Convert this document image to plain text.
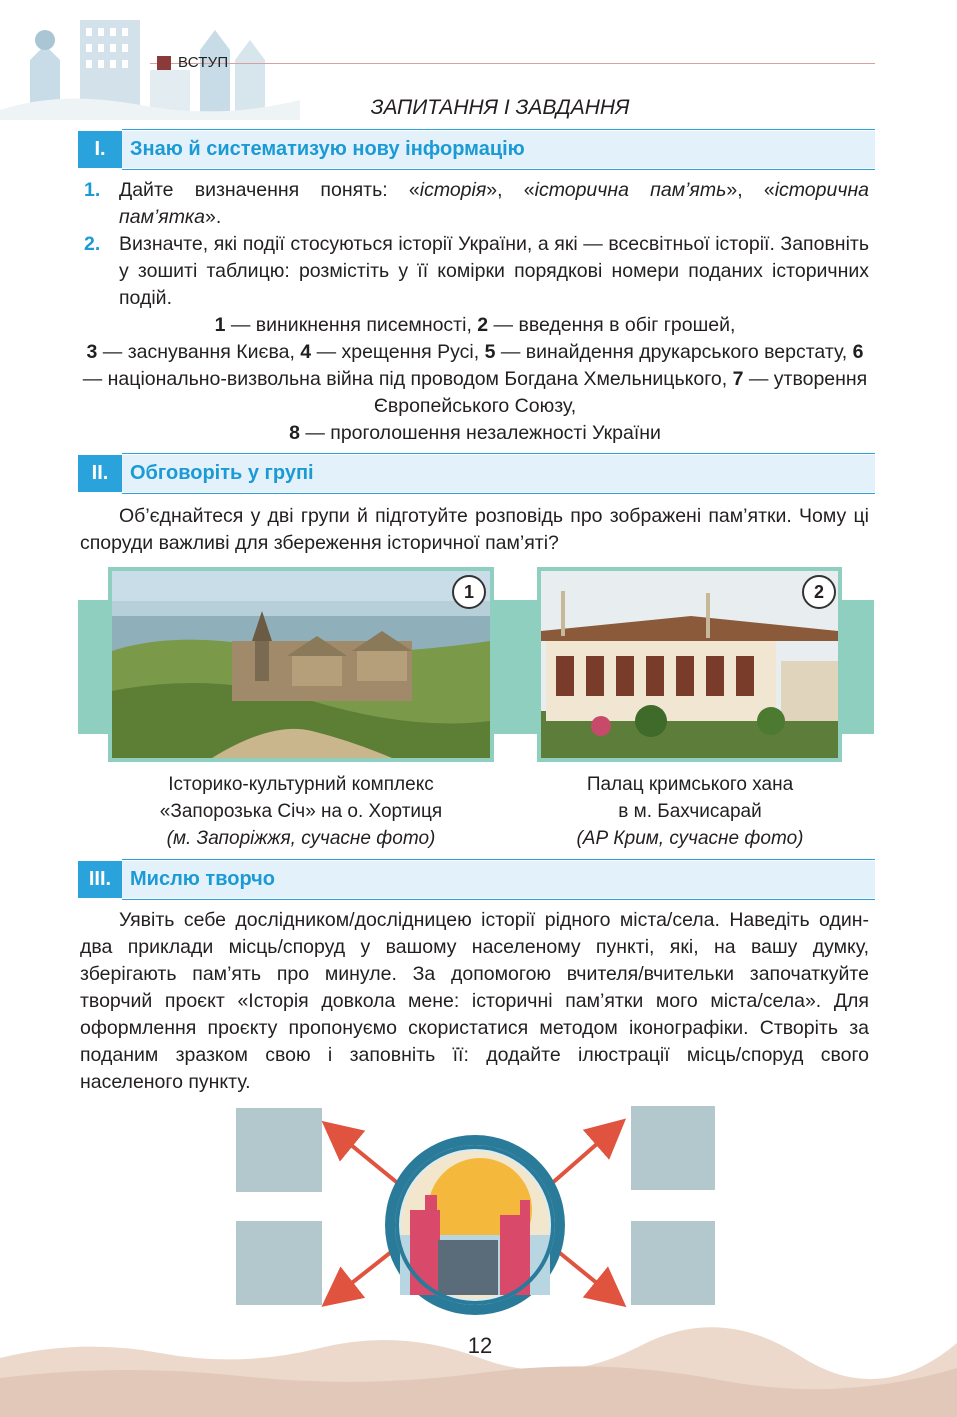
ВСТУП
ЗАПИТАННЯ І ЗАВДАННЯ
I.	Знаю й систематизую нову інформацію
1. Дайте визначення понять: «історія», «історична пам’ять», «історична пам’ятка».
2. Визначте, які події стосуються історії України, а які — всесвітньої історії. Заповніть у зошиті таблицю: розмістіть у її комірки порядкові номери поданих історичних подій.
1 — виникнення писемності, 2 — введення в обіг грошей,
3 — заснування Києва, 4 — хрещення Русі, 5 — винайдення друкарського верстату, 6 — національно-визвольна війна під проводом Богдана Хмельницького, 7 — утворення Європейського Союзу,
8 — проголошення незалежності України
II.	Обговоріть у групі
Об’єднайтеся у дві групи й підготуйте розповідь про зображені пам’ятки. Чому ці споруди важливі для збереження історичної пам’яті?
1	2
Історико-культурний комплекс
«Запорозька Січ» на о. Хортиця
(м. Запоріжжя, сучасне фото)
Палац кримського хана
в м. Бахчисарай
(АР Крим, сучасне фото)
III. Мислю творчо
Уявіть себе дослідником/дослідницею історії рідного міста/села. Наведіть один-два приклади місць/споруд у вашому населеному пункті, які, на вашу думку, зберігають пам’ять про минуле. За допомогою вчителя/вчительки започаткуйте творчий проєкт «Історія довкола мене: історичні пам’ятки мого міста/села». Для оформлення проєкту пропонуємо скористатися методом іконографіки. Створіть за поданим зразком свою і заповніть її: додайте ілюстрації місць/споруд свого населеного пункту.
12
